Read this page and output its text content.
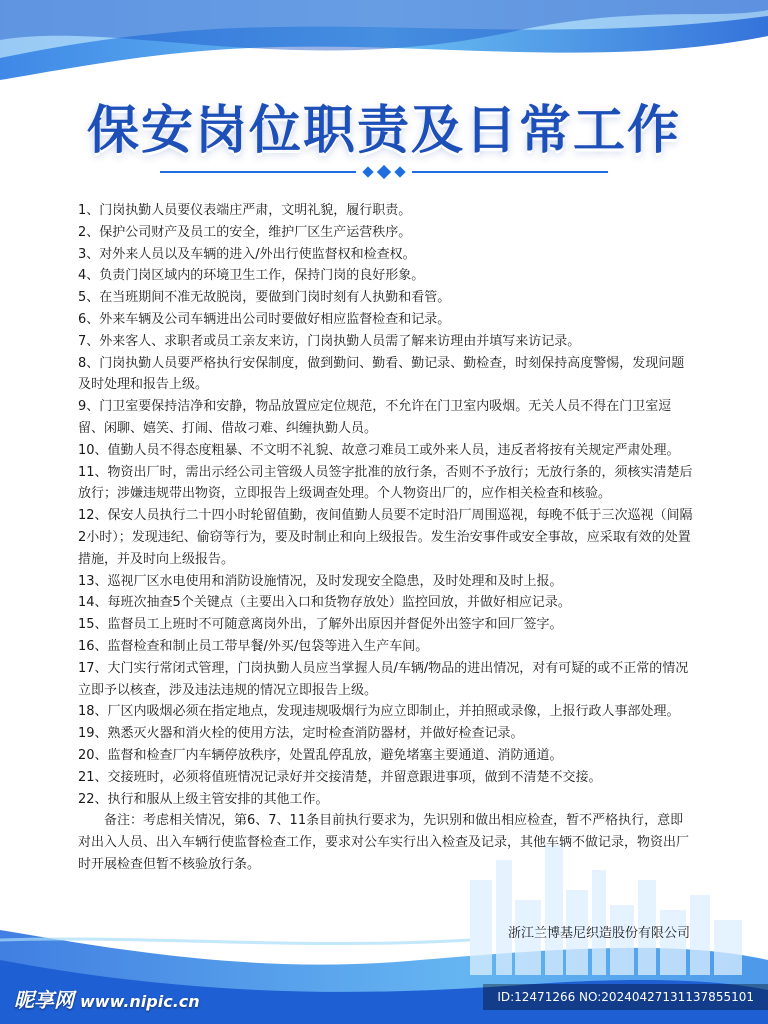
保安岗位职责及日常工作

1、门岗执勤人员要仪表端庄严肃，文明礼貌，履行职责。

2、保护公司财产及员工的安全，维护厂区生产运营秩序。

3、对外来人员以及车辆的进入/外出行使监督权和检查权。

4、负责门岗区域内的环境卫生工作，保持门岗的良好形象。

5、在当班期间不准无故脱岗，要做到门岗时刻有人执勤和看管。

6、外来车辆及公司车辆进出公司时要做好相应监督检查和记录。

7、外来客人、求职者或员工亲友来访，门岗执勤人员需了解来访理由并填写来访记录。

8、门岗执勤人员要严格执行安保制度，做到勤问、勤看、勤记录、勤检查，时刻保持高度警惕，发现问题及时处理和报告上级。

9、门卫室要保持洁净和安静，物品放置应定位规范，不允许在门卫室内吸烟。无关人员不得在门卫室逗留、闲聊、嬉笑、打闹、借故刁难、纠缠执勤人员。

10、值勤人员不得态度粗暴、不文明不礼貌、故意刁难员工或外来人员，违反者将按有关规定严肃处理。

11、物资出厂时，需出示经公司主管级人员签字批准的放行条，否则不予放行；无放行条的，须核实清楚后放行；涉嫌违规带出物资，立即报告上级调查处理。个人物资出厂的，应作相关检查和核验。

12、保安人员执行二十四小时轮留值勤，夜间值勤人员要不定时沿厂周围巡视，每晚不低于三次巡视（间隔2小时）；发现违纪、偷窃等行为，要及时制止和向上级报告。发生治安事件或安全事故，应采取有效的处置措施，并及时向上级报告。

13、巡视厂区水电使用和消防设施情况，及时发现安全隐患，及时处理和及时上报。

14、每班次抽查5个关键点（主要出入口和货物存放处）监控回放，并做好相应记录。

15、监督员工上班时不可随意离岗外出，了解外出原因并督促外出签字和回厂签字。

16、监督检查和制止员工带早餐/外买/包袋等进入生产车间。

17、大门实行常闭式管理，门岗执勤人员应当掌握人员/车辆/物品的进出情况，对有可疑的或不正常的情况立即予以核查，涉及违法违规的情况立即报告上级。

18、厂区内吸烟必须在指定地点，发现违规吸烟行为应立即制止，并拍照或录像，上报行政人事部处理。

19、熟悉灭火器和消火栓的使用方法，定时检查消防器材，并做好检查记录。

20、监督和检查厂内车辆停放秩序，处置乱停乱放，避免堵塞主要通道、消防通道。

21、交接班时，必须将值班情况记录好并交接清楚，并留意跟进事项，做到不清楚不交接。

22、执行和服从上级主管安排的其他工作。

备注：考虑相关情况，第6、7、11条目前执行要求为，先识别和做出相应检查，暂不严格执行，意即对出入人员、出入车辆行使监督检查工作，要求对公车实行出入检查及记录，其他车辆不做记录，物资出厂时开展检查但暂不核验放行条。

浙江兰博基尼织造股份有限公司
昵享网 www.nipic.cn	ID:12471266 NO:20240427131137855101
